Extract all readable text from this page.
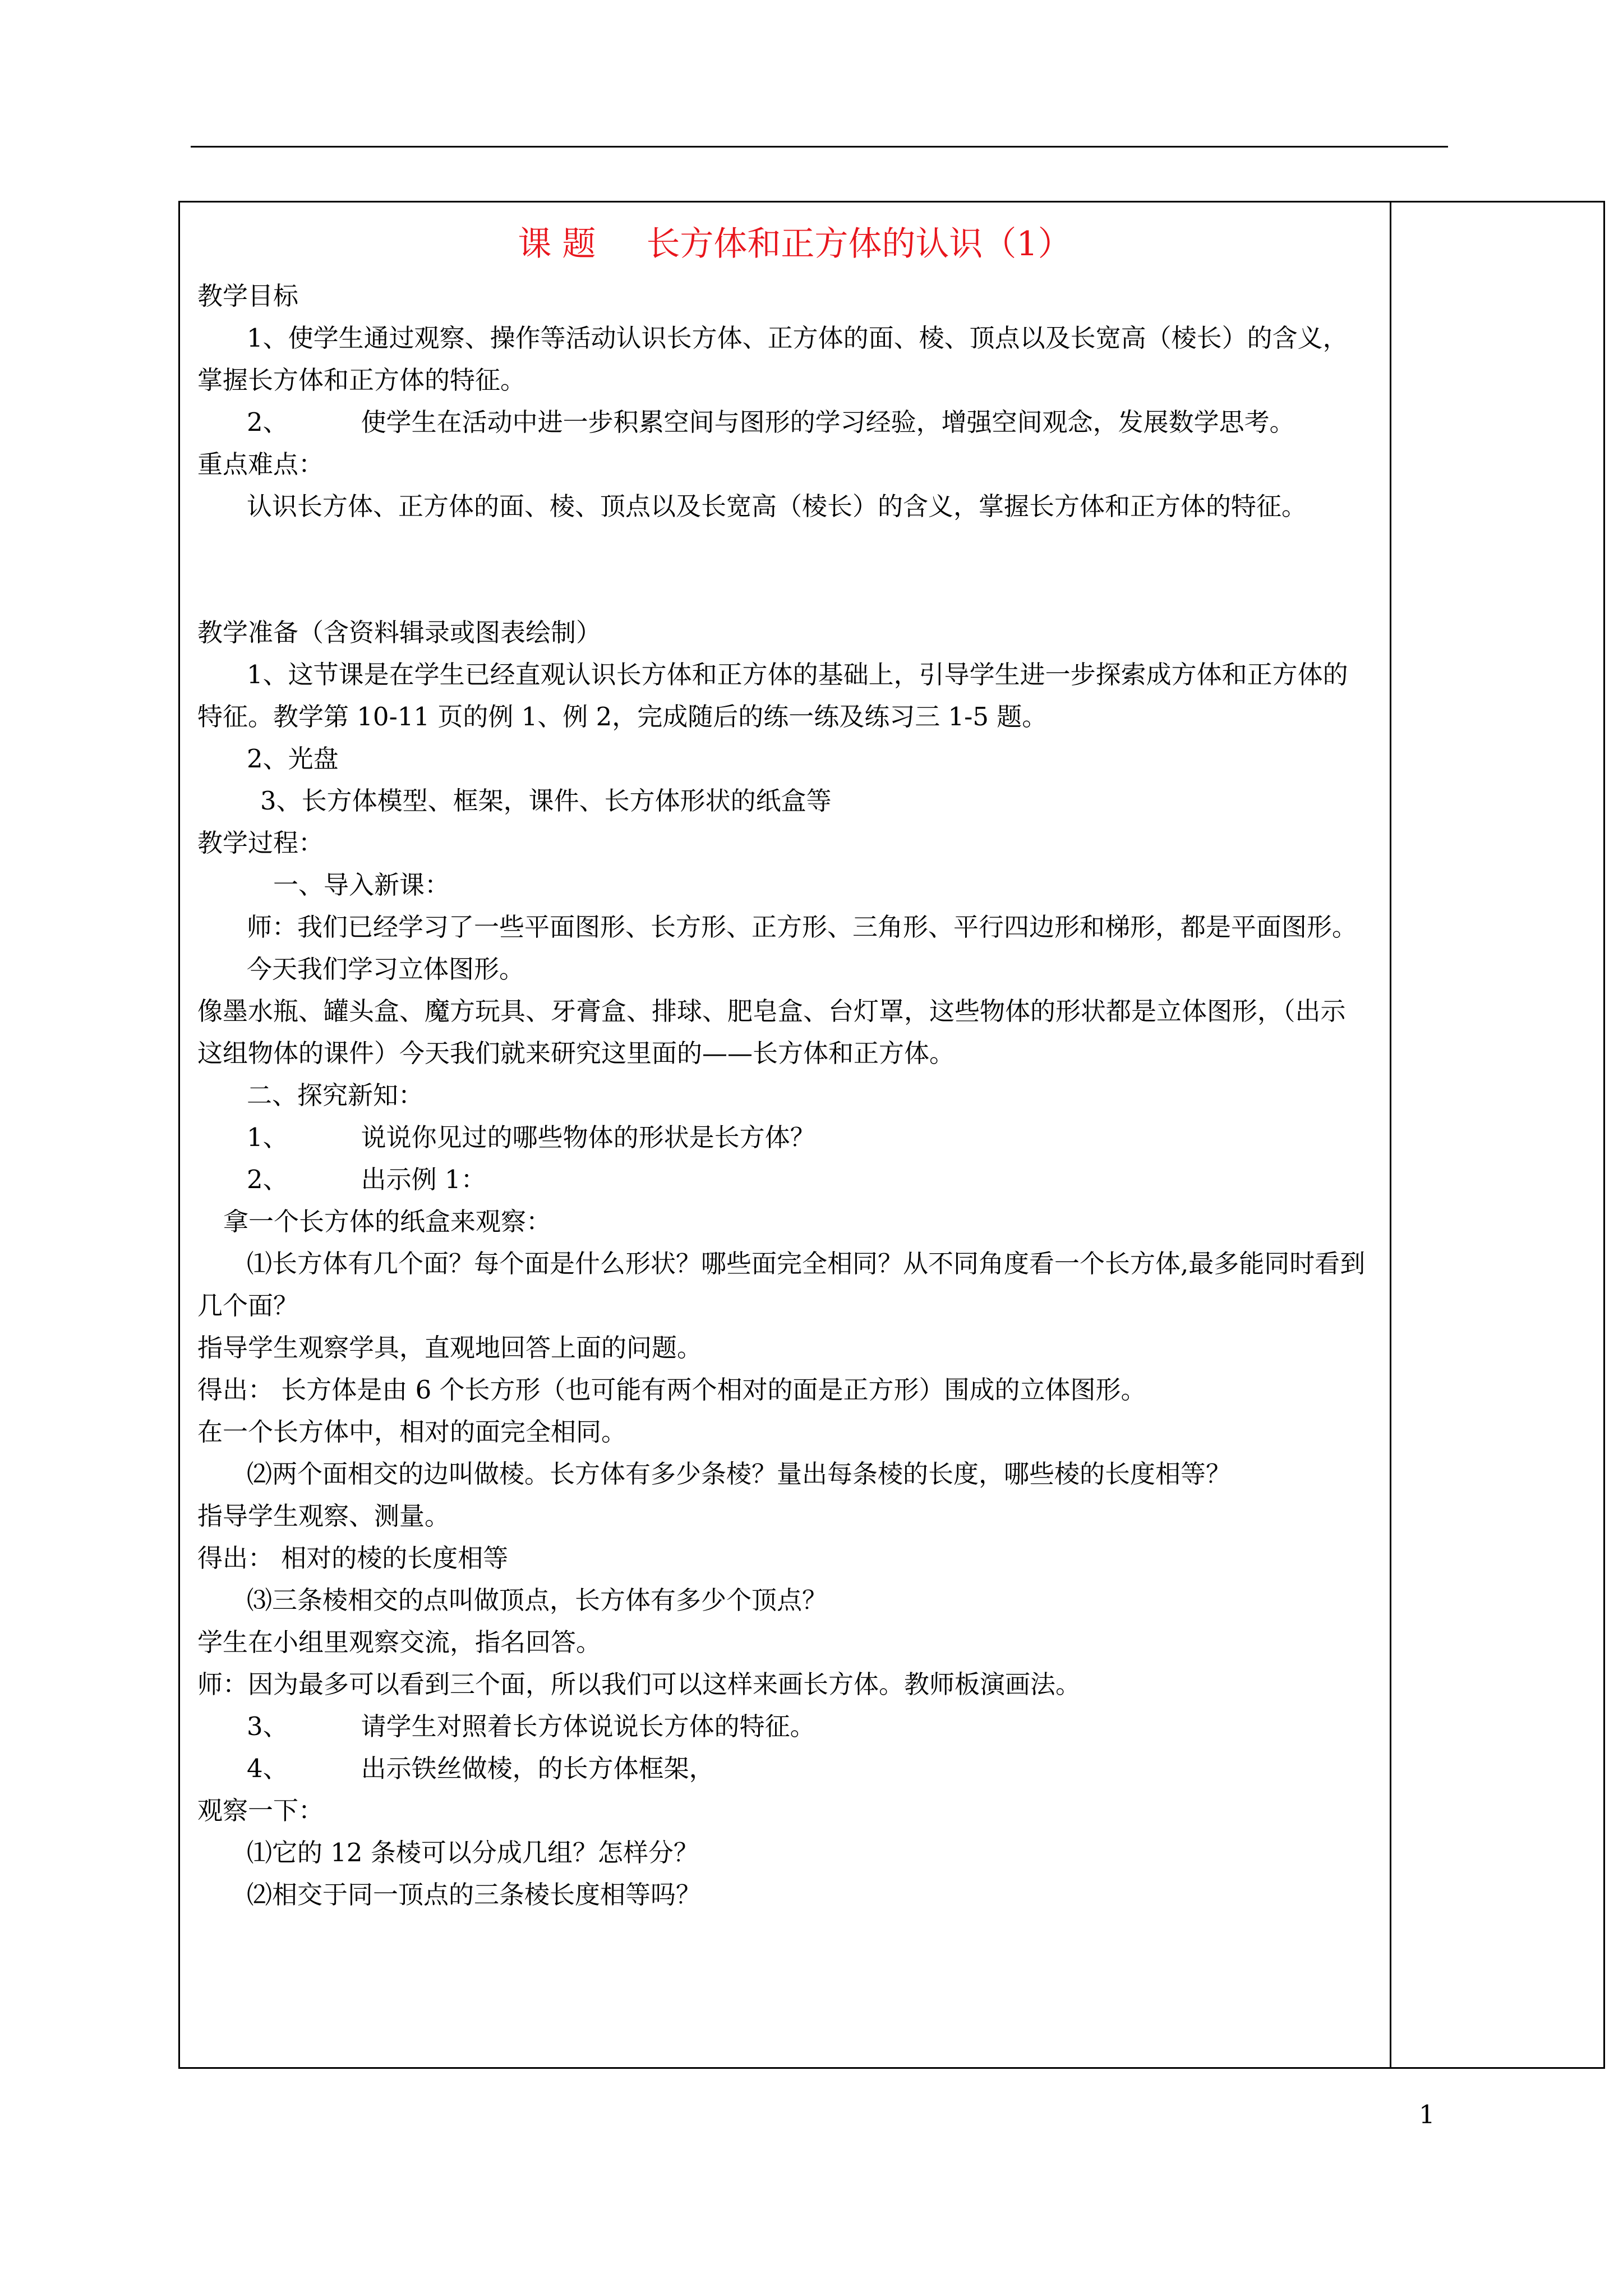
课 题 长方体和正方体的认识（1）

教学目标

1、使学生通过观察、操作等活动认识长方体、正方体的面、棱、顶点以及长宽高（棱长）的含义，掌握长方体和正方体的特征。

2、	使学生在活动中进一步积累空间与图形的学习经验，增强空间观念，发展数学思考。

重点难点：

认识长方体、正方体的面、棱、顶点以及长宽高（棱长）的含义，掌握长方体和正方体的特征。

教学准备（含资料辑录或图表绘制）

1、这节课是在学生已经直观认识长方体和正方体的基础上，引导学生进一步探索成方体和正方体的特征。教学第 10-11 页的例 1、例 2，完成随后的练一练及练习三 1-5 题。

2、光盘

3、长方体模型、框架，课件、长方体形状的纸盒等

教学过程：

一、导入新课：

师：我们已经学习了一些平面图形、长方形、正方形、三角形、平行四边形和梯形，都是平面图形。

今天我们学习立体图形。

像墨水瓶、罐头盒、魔方玩具、牙膏盒、排球、肥皂盒、台灯罩，这些物体的形状都是立体图形，（出示这组物体的课件）今天我们就来研究这里面的——长方体和正方体。

二、探究新知：

1、	说说你见过的哪些物体的形状是长方体？

2、	出示例 1：

拿一个长方体的纸盒来观察：

⑴长方体有几个面？每个面是什么形状？哪些面完全相同？从不同角度看一个长方体,最多能同时看到几个面？

指导学生观察学具，直观地回答上面的问题。

得出： 长方体是由 6 个长方形（也可能有两个相对的面是正方形）围成的立体图形。

在一个长方体中，相对的面完全相同。

⑵两个面相交的边叫做棱。长方体有多少条棱？量出每条棱的长度，哪些棱的长度相等？

指导学生观察、测量。

得出： 相对的棱的长度相等

⑶三条棱相交的点叫做顶点，长方体有多少个顶点？

学生在小组里观察交流，指名回答。

师：因为最多可以看到三个面，所以我们可以这样来画长方体。教师板演画法。

3、	请学生对照着长方体说说长方体的特征。

4、	出示铁丝做棱，的长方体框架，

观察一下：

⑴它的 12 条棱可以分成几组？怎样分？

⑵相交于同一顶点的三条棱长度相等吗？

1
